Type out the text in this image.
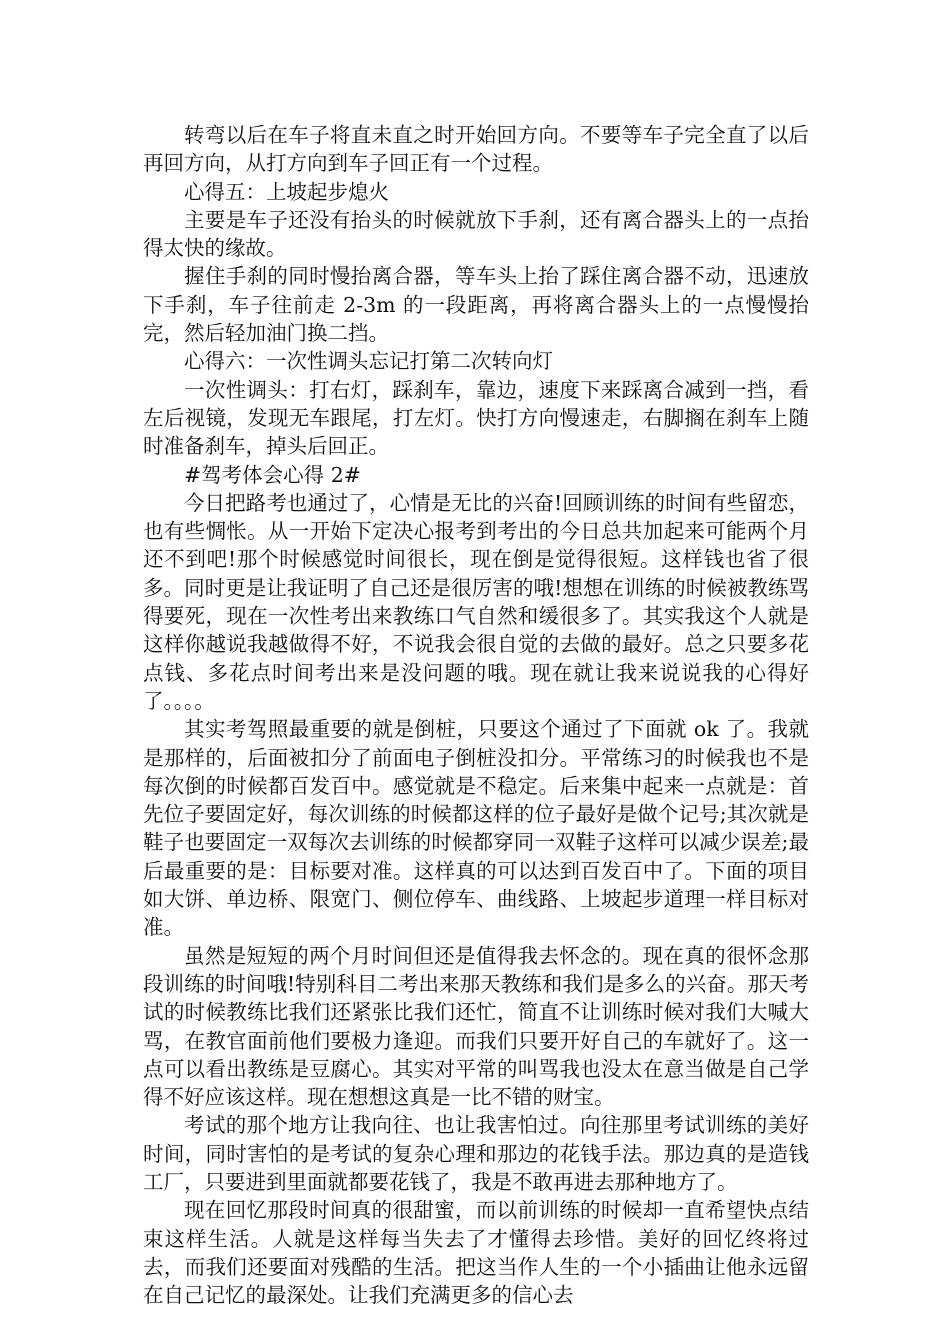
转弯以后在车子将直未直之时开始回方向。不要等车子完全直了以后再回方向，从打方向到车子回正有一个过程。

心得五：上坡起步熄火

主要是车子还没有抬头的时候就放下手刹，还有离合器头上的一点抬得太快的缘故。

握住手刹的同时慢抬离合器，等车头上抬了踩住离合器不动，迅速放下手刹，车子往前走 2-3m 的一段距离，再将离合器头上的一点慢慢抬完，然后轻加油门换二挡。

心得六：一次性调头忘记打第二次转向灯

一次性调头：打右灯，踩刹车，靠边，速度下来踩离合减到一挡，看左后视镜，发现无车跟尾，打左灯。快打方向慢速走，右脚搁在刹车上随时准备刹车，掉头后回正。

#驾考体会心得 2#

今日把路考也通过了，心情是无比的兴奋!回顾训练的时间有些留恋，也有些惆怅。从一开始下定决心报考到考出的今日总共加起来可能两个月还不到吧!那个时候感觉时间很长，现在倒是觉得很短。这样钱也省了很多。同时更是让我证明了自己还是很厉害的哦!想想在训练的时候被教练骂得要死，现在一次性考出来教练口气自然和缓很多了。其实我这个人就是这样你越说我越做得不好，不说我会很自觉的去做的最好。总之只要多花点钱、多花点时间考出来是没问题的哦。现在就让我来说说我的心得好了。。。。

其实考驾照最重要的就是倒桩，只要这个通过了下面就 ok 了。我就是那样的，后面被扣分了前面电子倒桩没扣分。平常练习的时候我也不是每次倒的时候都百发百中。感觉就是不稳定。后来集中起来一点就是：首先位子要固定好，每次训练的时候都这样的位子最好是做个记号;其次就是鞋子也要固定一双每次去训练的时候都穿同一双鞋子这样可以减少误差;最后最重要的是：目标要对准。这样真的可以达到百发百中了。下面的项目如大饼、单边桥、限宽门、侧位停车、曲线路、上坡起步道理一样目标对准。

虽然是短短的两个月时间但还是值得我去怀念的。现在真的很怀念那段训练的时间哦!特别科目二考出来那天教练和我们是多么的兴奋。那天考试的时候教练比我们还紧张比我们还忙，简直不让训练时候对我们大喊大骂，在教官面前他们要极力逢迎。而我们只要开好自己的车就好了。这一点可以看出教练是豆腐心。其实对平常的叫骂我也没太在意当做是自己学得不好应该这样。现在想想这真是一比不错的财宝。

考试的那个地方让我向往、也让我害怕过。向往那里考试训练的美好时间，同时害怕的是考试的复杂心理和那边的花钱手法。那边真的是造钱工厂，只要进到里面就都要花钱了，我是不敢再进去那种地方了。

现在回忆那段时间真的很甜蜜，而以前训练的时候却一直希望快点结束这样生活。人就是这样每当失去了才懂得去珍惜。美好的回忆终将过去，而我们还要面对残酷的生活。把这当作人生的一个小插曲让他永远留在自己记忆的最深处。让我们充满更多的信心去
